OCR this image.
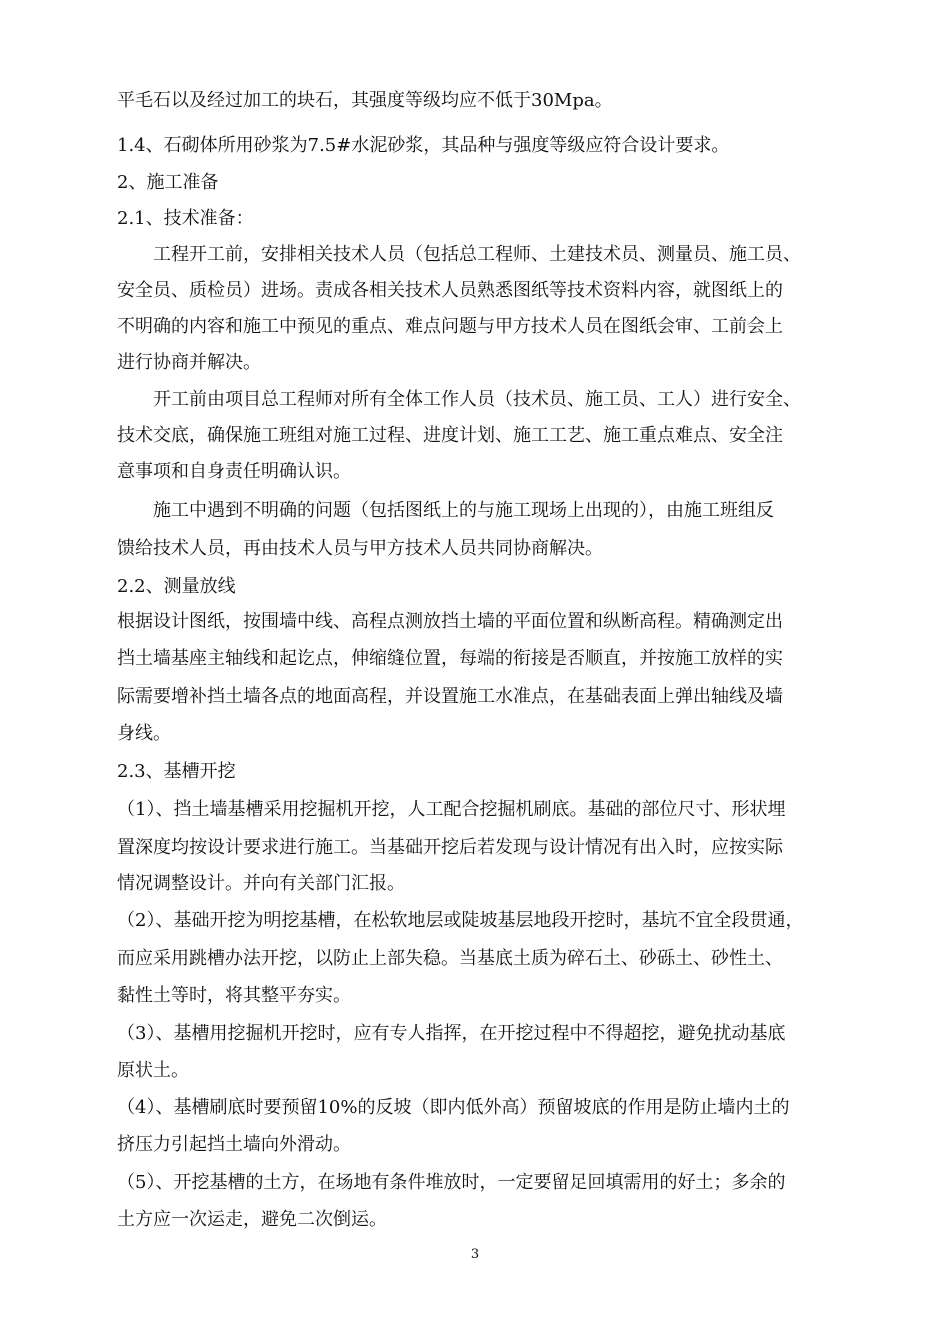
平毛石以及经过加工的块石，其强度等级均应不低于30Mpa。
1.4、石砌体所用砂浆为7.5#水泥砂浆，其品种与强度等级应符合设计要求。
2、施工准备
2.1、技术准备：
工程开工前，安排相关技术人员（包括总工程师、土建技术员、测量员、施工员、
安全员、质检员）进场。责成各相关技术人员熟悉图纸等技术资料内容，就图纸上的
不明确的内容和施工中预见的重点、难点问题与甲方技术人员在图纸会审、工前会上
进行协商并解决。
开工前由项目总工程师对所有全体工作人员（技术员、施工员、工人）进行安全、
技术交底，确保施工班组对施工过程、进度计划、施工工艺、施工重点难点、安全注
意事项和自身责任明确认识。
施工中遇到不明确的问题（包括图纸上的与施工现场上出现的），由施工班组反
馈给技术人员，再由技术人员与甲方技术人员共同协商解决。
2.2、测量放线
根据设计图纸，按围墙中线、高程点测放挡土墙的平面位置和纵断高程。精确测定出
挡土墙基座主轴线和起讫点，伸缩缝位置，每端的衔接是否顺直，并按施工放样的实
际需要增补挡土墙各点的地面高程，并设置施工水准点，在基础表面上弹出轴线及墙
身线。
2.3、基槽开挖
（1）、挡土墙基槽采用挖掘机开挖，人工配合挖掘机刷底。基础的部位尺寸、形状埋
置深度均按设计要求进行施工。当基础开挖后若发现与设计情况有出入时，应按实际
情况调整设计。并向有关部门汇报。
（2）、基础开挖为明挖基槽，在松软地层或陡坡基层地段开挖时，基坑不宜全段贯通，
而应采用跳槽办法开挖，以防止上部失稳。当基底土质为碎石土、砂砾土、砂性土、
黏性土等时，将其整平夯实。
（3）、基槽用挖掘机开挖时，应有专人指挥，在开挖过程中不得超挖，避免扰动基底
原状土。
（4）、基槽刷底时要预留10%的反坡（即内低外高）预留坡底的作用是防止墙内土的
挤压力引起挡土墙向外滑动。
（5）、开挖基槽的土方，在场地有条件堆放时，一定要留足回填需用的好土；多余的
土方应一次运走，避免二次倒运。
3
